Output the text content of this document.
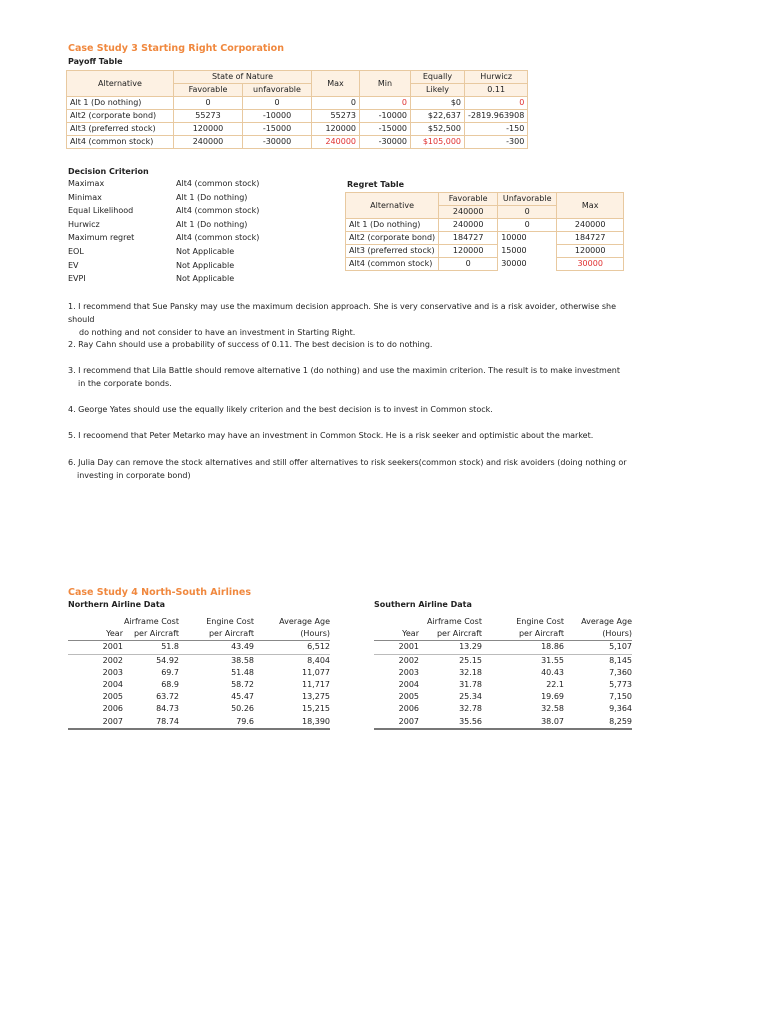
Case Study 3 Starting Right Corporation
Payoff Table
Alternative	State of Nature		Max	Min	Equally	Hurwicz
	Favorable	unfavorable			Likely	0.11
Alt 1 (Do nothing)	0	0	0	0	$0	0
Alt2 (corporate bond)	55273	-10000	55273	-10000	$22,637	-2819.963908
Alt3 (preferred stock)	120000	-15000	120000	-15000	$52,500	-150
Alt4 (common stock)	240000	-30000	240000	-30000	$105,000	-300
Decision Criterion
Maximax	Alt4 (common stock)
Minimax	Alt 1 (Do nothing)
Equal Likelihood	Alt4 (common stock)
Hurwicz	Alt 1 (Do nothing)
Maximum regret	Alt4 (common stock)
EOL	Not Applicable
EV	Not Applicable
EVPI	Not Applicable
Regret Table
Alternative	Favorable	Unfavorable	Max
	240000	0	
Alt 1 (Do nothing)	240000	0	240000
Alt2 (corporate bond)	184727	10000	184727
Alt3 (preferred stock)	120000	15000	120000
Alt4 (common stock)	0	30000	30000
1. I recommend that Sue Pansky may use the maximum decision approach. She is very conservative and is a risk avoider, otherwise she should
do nothing and not consider to have an investment in Starting Right.
2. Ray Cahn should use a probability of success of 0.11. The best decision is to do nothing.
3. I recommend that Lila Battle should remove alternative 1 (do nothing) and use the maximin criterion. The result is to make investment
in the corporate bonds.
4. George Yates should use the equally likely criterion and the best decision is to invest in Common stock.
5. I recoomend that Peter Metarko may have an investment in Common Stock. He is a risk seeker and optimistic about the market.
6. Julia Day can remove the stock alternatives and still offer alternatives to risk seekers(common stock) and risk avoiders (doing nothing or
investing in corporate bond)
Case Study 4 North-South Airlines
Northern Airline Data	Southern Airline Data
	Airframe Cost	Engine Cost	Average Age
Year	per Aircraft	per Aircraft	(Hours)
2001	51.8	43.49	6,512
2002	54.92	38.58	8,404
2003	69.7	51.48	11,077
2004	68.9	58.72	11,717
2005	63.72	45.47	13,275
2006	84.73	50.26	15,215
2007	78.74	79.6	18,390
	Airframe Cost	Engine Cost	Average Age
Year	per Aircraft	per Aircraft	(Hours)
2001	13.29	18.86	5,107
2002	25.15	31.55	8,145
2003	32.18	40.43	7,360
2004	31.78	22.1	5,773
2005	25.34	19.69	7,150
2006	32.78	32.58	9,364
2007	35.56	38.07	8,259
